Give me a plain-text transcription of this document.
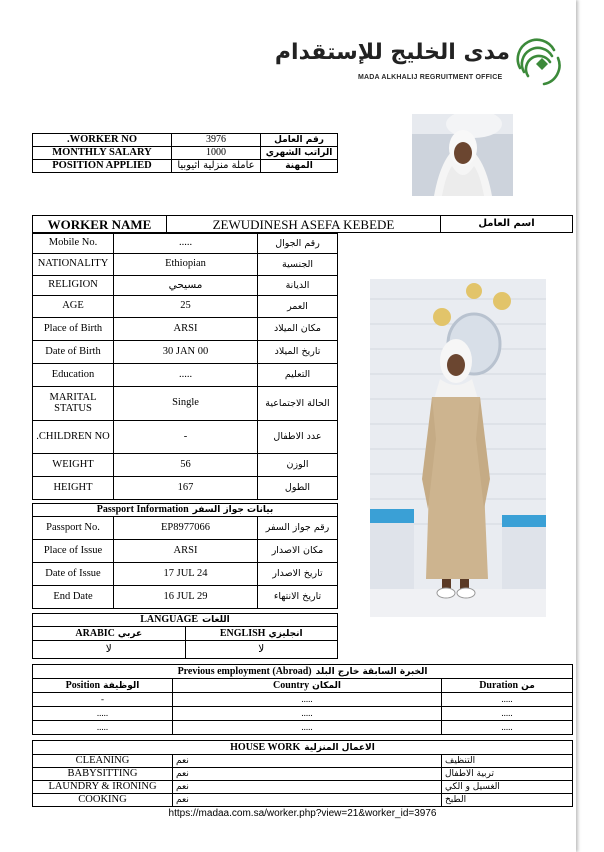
مدى الخليج للإستقدام
MADA ALKHALIJ REGRUITMENT OFFICE
.WORKER NO	3976	رقم العامل
MONTHLY SALARY	1000	الراتب الشهري
POSITION APPLIED	عاملة منزلية اثيوبيا	المهنة
WORKER NAME	ZEWUDINESH ASEFA KEBEDE	اسم العامل
Mobile No.	.....	رقم الجوال
NATIONALITY	Ethiopian	الجنسية
RELIGION	مسيحي	الديانة
AGE	25	العمر
Place of Birth	ARSI	مكان الميلاد
Date of Birth	30 JAN 00	تاريخ الميلاد
Education	.....	التعليم
MARITAL STATUS	Single	الحالة الاجتماعية
.CHILDREN NO	-	عدد الاطفال
WEIGHT	56	الوزن
HEIGHT	167	الطول
Passport Information بيانات جواز السفر		
Passport No.	EP8977066	رقم جواز السفر
Place of Issue	ARSI	مكان الاصدار
Date of Issue	17 JUL 24	تاريخ الاصدار
End Date	16 JUL 29	تاريخ الانتهاء
LANGUAGE اللغات	
ARABIC عربي	ENGLISH انجليزي
لا	لا
Previous employment (Abroad) الخبرة السابقة خارج البلد		
Position الوظيفة	Country المكان	Duration من
-	.....	.....
.....	.....	.....
.....	.....	.....
HOUSE WORK الاعمال المنزلية		
CLEANING	نعم	التنظيف
BABYSITTING	نعم	تربية الاطفال
LAUNDRY & IRONING	نعم	الغسيل و الكي
COOKING	نعم	الطبخ
https://madaa.com.sa/worker.php?view=21&worker_id=3976
